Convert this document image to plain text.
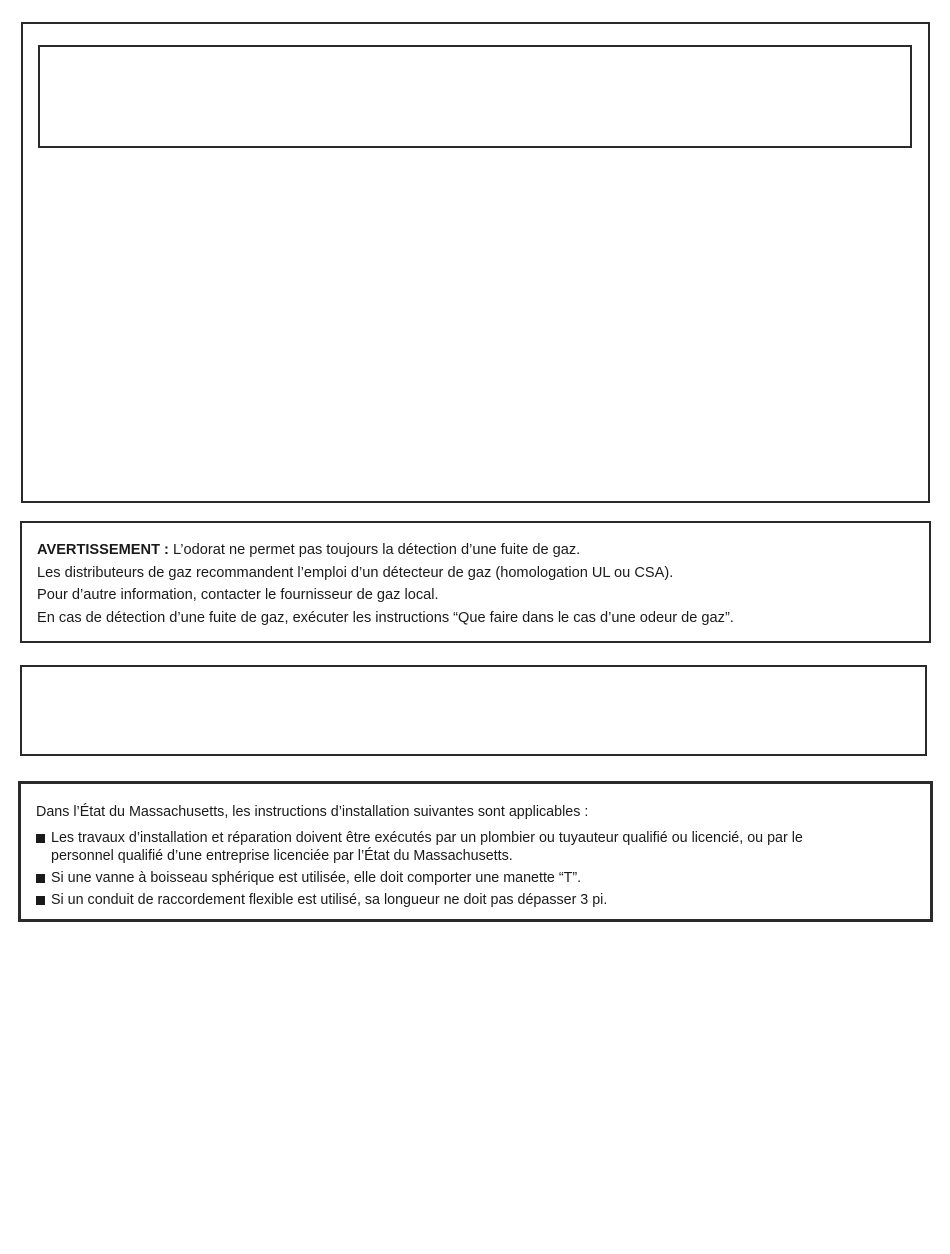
AVERTISSEMENT : L’odorat ne permet pas toujours la détection d’une fuite de gaz.
Les distributeurs de gaz recommandent l’emploi d’un détecteur de gaz (homologation UL ou CSA).
Pour d’autre information, contacter le fournisseur de gaz local.
En cas de détection d’une fuite de gaz, exécuter les instructions “Que faire dans le cas d’une odeur de gaz”.
Dans l’État du Massachusetts, les instructions d’installation suivantes sont applicables :
Les travaux d’installation et réparation doivent être exécutés par un plombier ou tuyauteur qualifié ou licencié, ou par le
personnel qualifié d’une entreprise licenciée par l’État du Massachusetts.
Si une vanne à boisseau sphérique est utilisée, elle doit comporter une manette “T”.
Si un conduit de raccordement flexible est utilisé, sa longueur ne doit pas dépasser 3 pi.
